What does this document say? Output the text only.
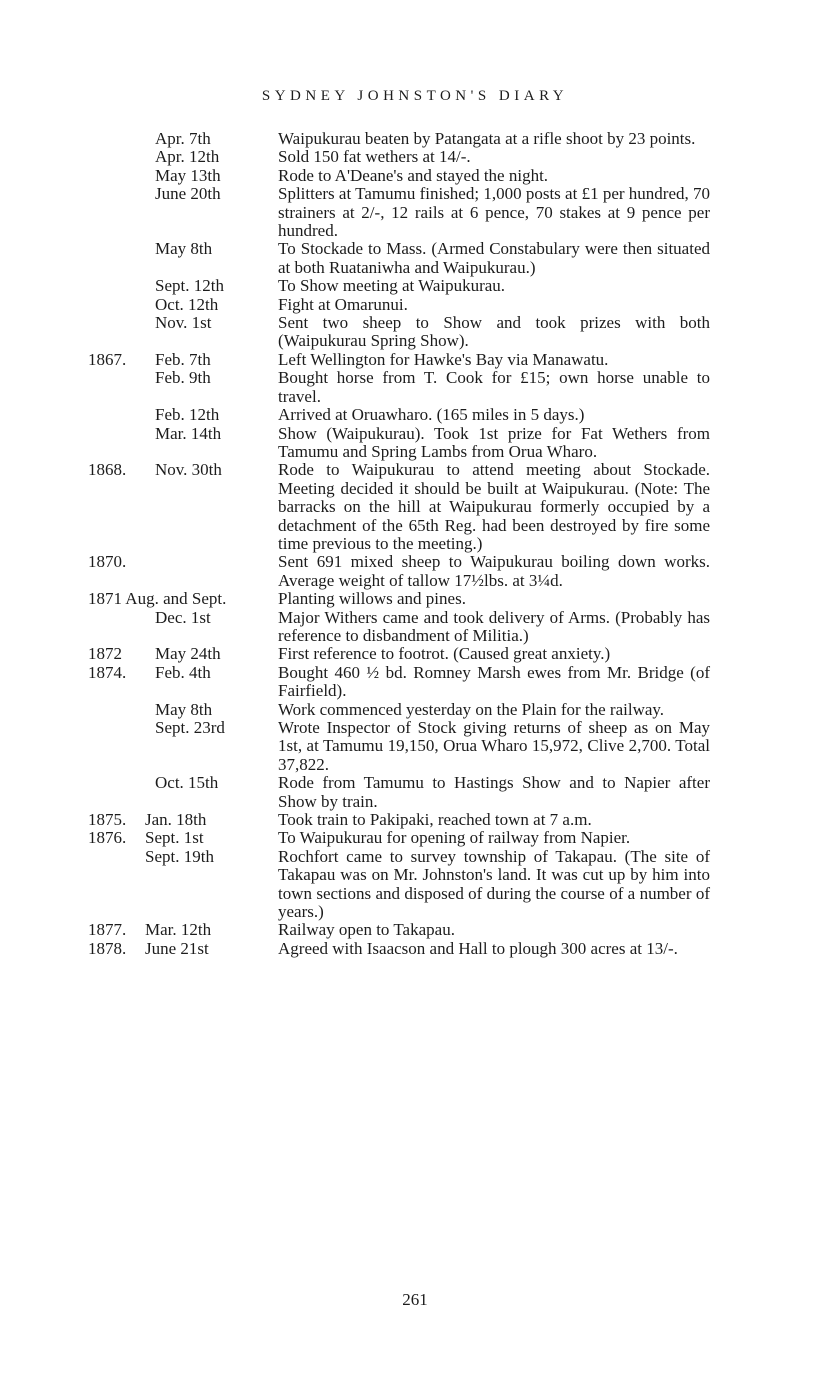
SYDNEY JOHNSTON'S DIARY
Apr. 7th	Waipukurau beaten by Patangata at a rifle shoot by 23 points.
Apr. 12th	Sold 150 fat wethers at 14/-.
May 13th	Rode to A'Deane's and stayed the night.
June 20th	Splitters at Tamumu finished; 1,000 posts at £1 per hundred, 70 strainers at 2/-, 12 rails at 6 pence, 70 stakes at 9 pence per hundred.
May 8th	To Stockade to Mass. (Armed Constabulary were then situated at both Ruataniwha and Waipukurau.)
Sept. 12th	To Show meeting at Waipukurau.
Oct. 12th	Fight at Omarunui.
Nov. 1st	Sent two sheep to Show and took prizes with both (Waipukurau Spring Show).
1867. Feb. 7th	Left Wellington for Hawke's Bay via Manawatu.
Feb. 9th	Bought horse from T. Cook for £15; own horse unable to travel.
Feb. 12th	Arrived at Oruawharo. (165 miles in 5 days.)
Mar. 14th	Show (Waipukurau). Took 1st prize for Fat Wethers from Tamumu and Spring Lambs from Orua Wharo.
1868. Nov. 30th	Rode to Waipukurau to attend meeting about Stockade. Meeting decided it should be built at Waipukurau. (Note: The barracks on the hill at Waipukurau formerly occupied by a detachment of the 65th Reg. had been destroyed by fire some time previous to the meeting.)
1870.	Sent 691 mixed sheep to Waipukurau boiling down works. Average weight of tallow 17½lbs. at 3¼d.
1871 Aug. and Sept.	Planting willows and pines.
Dec. 1st	Major Withers came and took delivery of Arms. (Probably has reference to disbandment of Militia.)
1872 May 24th	First reference to footrot. (Caused great anxiety.)
1874. Feb. 4th	Bought 460 ½ bd. Romney Marsh ewes from Mr. Bridge (of Fairfield).
May 8th	Work commenced yesterday on the Plain for the railway.
Sept. 23rd	Wrote Inspector of Stock giving returns of sheep as on May 1st, at Tamumu 19,150, Orua Wharo 15,972, Clive 2,700. Total 37,822.
Oct. 15th	Rode from Tamumu to Hastings Show and to Napier after Show by train.
1875. Jan. 18th	Took train to Pakipaki, reached town at 7 a.m.
1876. Sept. 1st	To Waipukurau for opening of railway from Napier.
Sept. 19th	Rochfort came to survey township of Takapau. (The site of Takapau was on Mr. Johnston's land. It was cut up by him into town sections and disposed of during the course of a number of years.)
1877. Mar. 12th	Railway open to Takapau.
1878. June 21st	Agreed with Isaacson and Hall to plough 300 acres at 13/-.
261
